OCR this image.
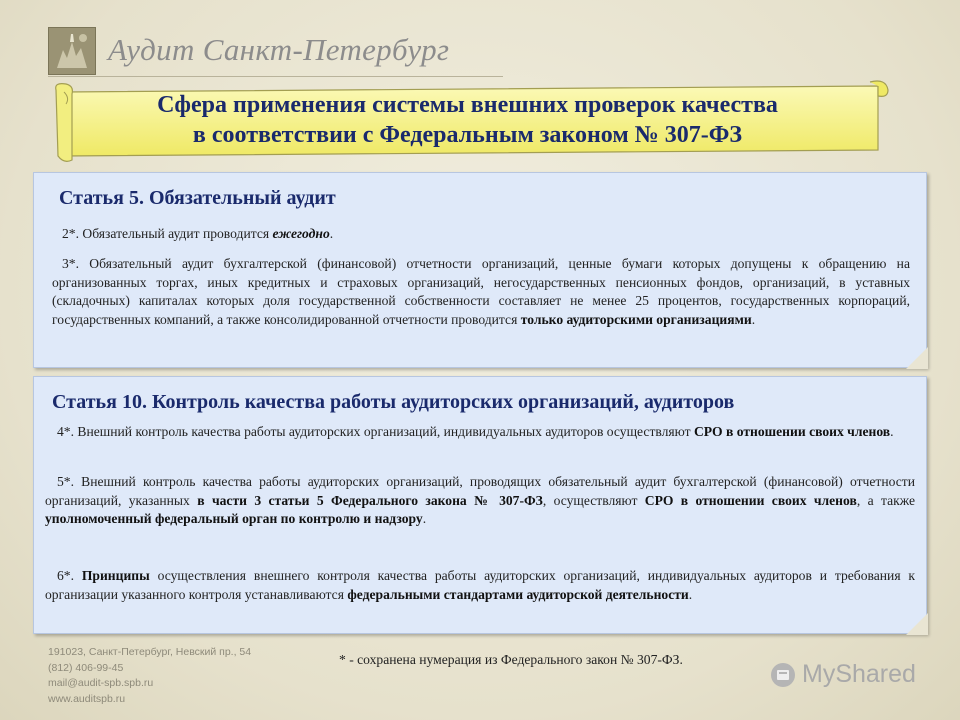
Аудит Санкт-Петербург
Сфера применения системы внешних проверок качества
в соответствии с Федеральным законом № 307-ФЗ
Статья 5. Обязательный аудит
2*. Обязательный аудит проводится ежегодно.
3*. Обязательный аудит бухгалтерской (финансовой) отчетности организаций, ценные бумаги которых допущены к обращению на организованных торгах, иных кредитных и страховых организаций, негосударственных пенсионных фондов, организаций, в уставных (складочных) капиталах которых доля государственной собственности составляет не менее 25 процентов, государственных корпораций, государственных компаний, а также консолидированной отчетности проводится только аудиторскими организациями.
Статья 10. Контроль качества работы аудиторских организаций, аудиторов
4*. Внешний контроль качества работы аудиторских организаций, индивидуальных аудиторов осуществляют СРО в отношении своих членов.
5*. Внешний контроль качества работы аудиторских организаций, проводящих обязательный аудит бухгалтерской (финансовой) отчетности организаций, указанных в части 3 статьи 5 Федерального закона № 307-ФЗ, осуществляют СРО в отношении своих членов, а также уполномоченный федеральный орган по контролю и надзору.
6*. Принципы осуществления внешнего контроля качества работы аудиторских организаций, индивидуальных аудиторов и требования к организации указанного контроля устанавливаются федеральными стандартами аудиторской деятельности.
191023, Санкт-Петербург, Невский пр., 54
(812) 406-99-45
mail@audit-spb.spb.ru
www.auditspb.ru
* - сохранена нумерация из Федерального закон № 307-ФЗ.
MyShared
